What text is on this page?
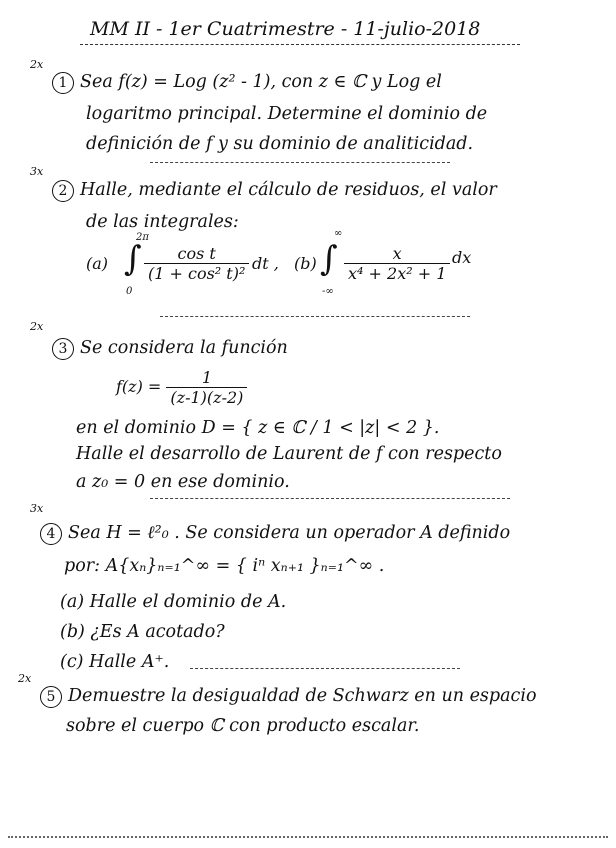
MM II - 1er Cuatrimestre - 11-julio-2018
2x
1 Sea f(z) = Log (z² - 1), con z ∈ ℂ y Log el
logaritmo principal. Determine el dominio de
definición de f y su dominio de analiticidad.
3x
2 Halle, mediante el cálculo de residuos, el valor
de las integrales:
(a) ∫
2π
0
$\frac{\text{cos t}}{\text{(1 + cos² t)²}}$ dt , (b) ∫
∞
-∞
$\frac{x}{\text{x⁴ + 2x² + 1}}$ dx
2x
3 Se considera la función
$f(z) = \frac{1}{(z-1)(z-2)}$
en el dominio D = { z ∈ ℂ / 1 < |z| < 2 }.
Halle el desarrollo de Laurent de f con respecto
a z₀ = 0 en ese dominio.
3x
4 Sea H = ℓ²₀ . Se considera un operador A definido
por: A{xₙ}ₙ₌₁^∞ = { iⁿ xₙ₊₁ }ₙ₌₁^∞ .
(a) Halle el dominio de A.
(b) ¿Es A acotado?
(c) Halle A⁺.
2x
5 Demuestre la desigualdad de Schwarz en un espacio
sobre el cuerpo ℂ con producto escalar.
